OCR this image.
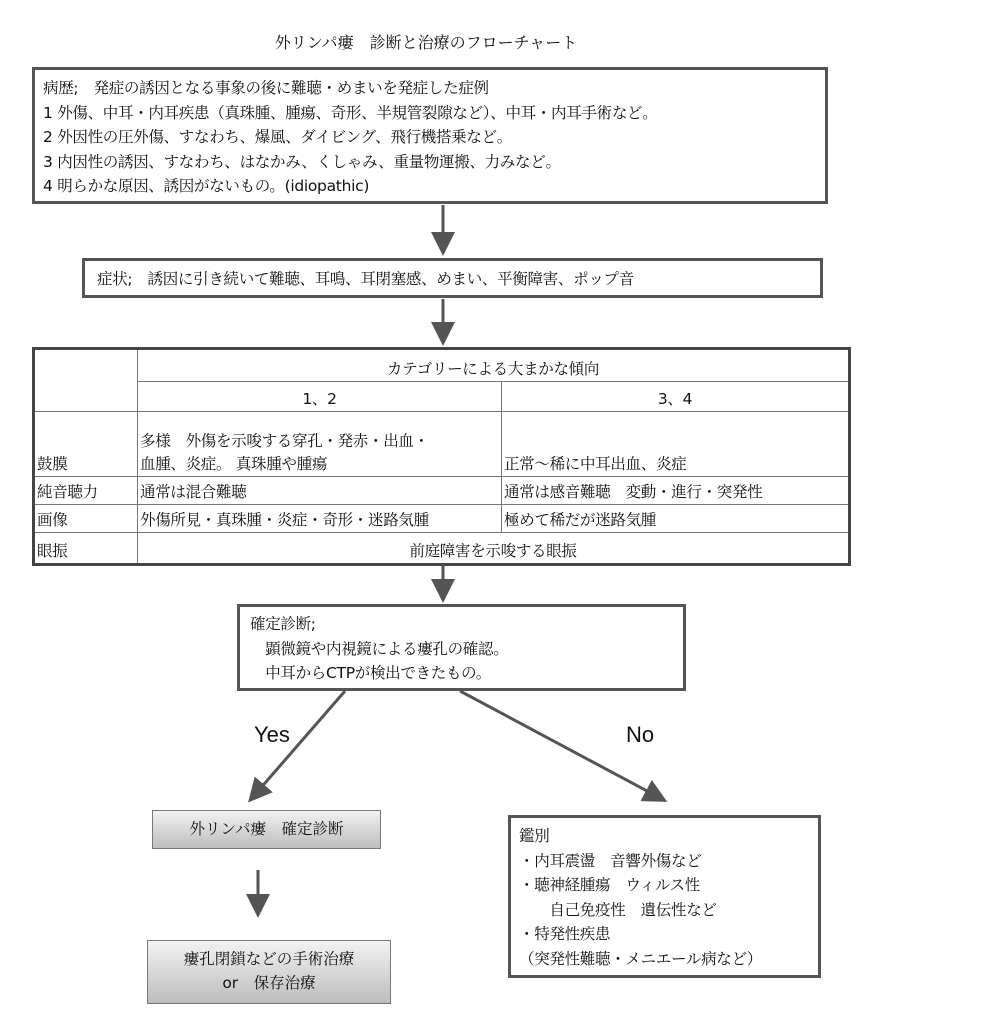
外リンパ瘻　診断と治療のフローチャート
病歴;　発症の誘因となる事象の後に難聴・めまいを発症した症例
1 外傷、中耳・内耳疾患（真珠腫、腫瘍、奇形、半規管裂隙など）、中耳・内耳手術など。
2 外因性の圧外傷、すなわち、爆風、ダイビング、飛行機搭乗など。
3 内因性の誘因、すなわち、はなかみ、くしゃみ、重量物運搬、力みなど。
4 明らかな原因、誘因がないもの。(idiopathic)
症状;　誘因に引き続いて難聴、耳鳴、耳閉塞感、めまい、平衡障害、ポップ音
	カテゴリーによる大まかな傾向	
	1、2	3、4
鼓膜	多様　外傷を示唆する穿孔・発赤・出血・
血腫、炎症。 真珠腫や腫瘍	正常〜稀に中耳出血、炎症
純音聴力	通常は混合難聴	通常は感音難聴　変動・進行・突発性
画像	外傷所見・真珠腫・炎症・奇形・迷路気腫	極めて稀だが迷路気腫
眼振	前庭障害を示唆する眼振	
確定診断;
　顕微鏡や内視鏡による瘻孔の確認。
　中耳からCTPが検出できたもの。
Yes	No
外リンパ瘻　確定診断
瘻孔閉鎖などの手術治療
or　保存治療
鑑別
・内耳震盪　音響外傷など
・聴神経腫瘍　ウィルス性
　　自己免疫性　遺伝性など
・特発性疾患
（突発性難聴・メニエール病など）
